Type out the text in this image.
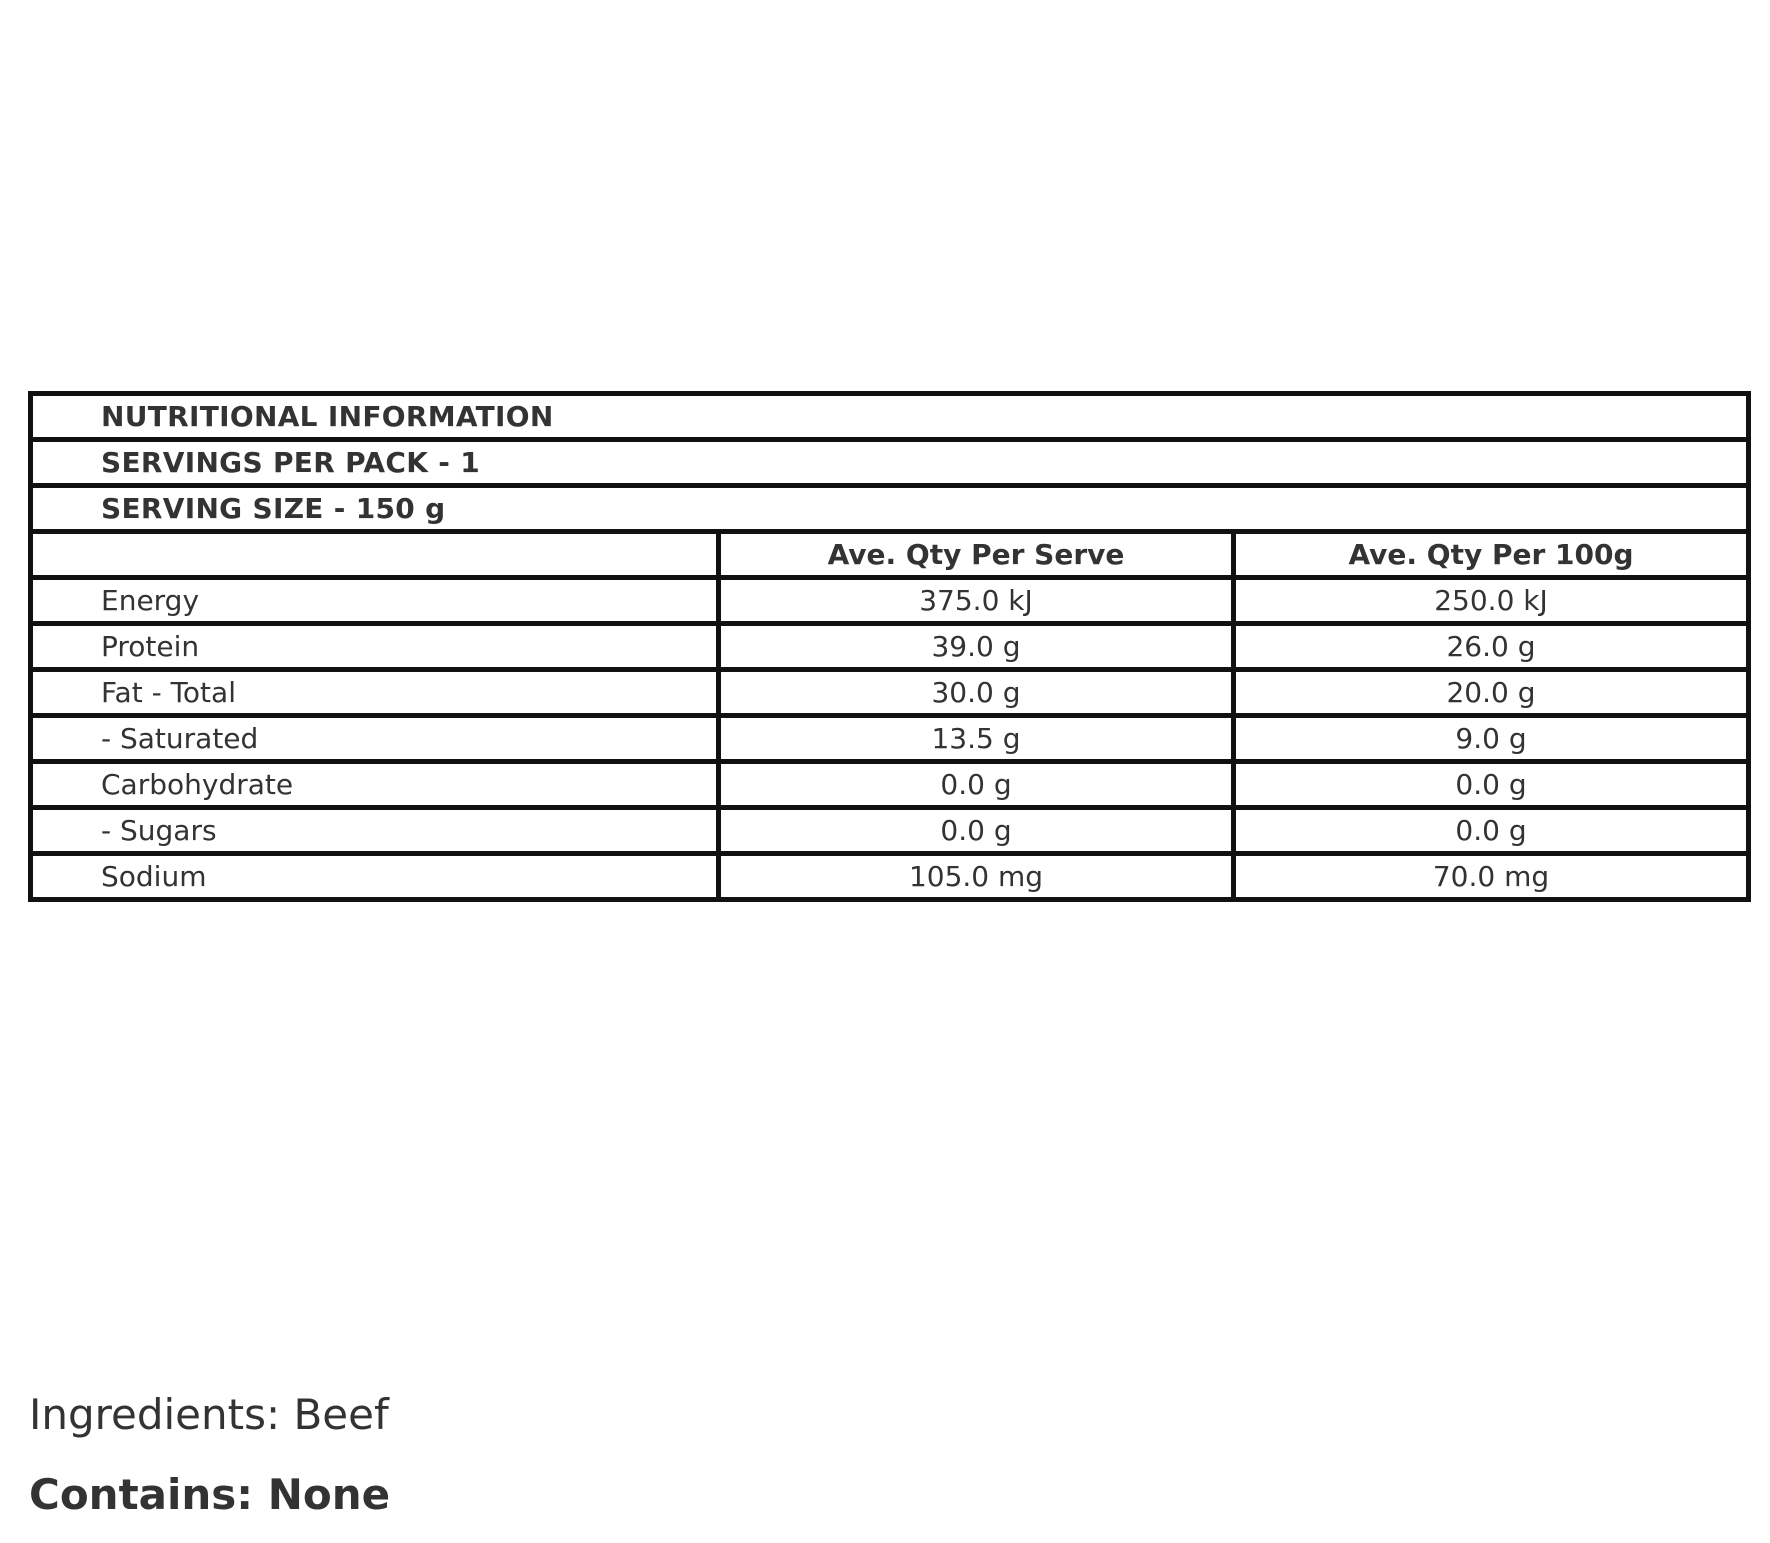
NUTRITIONAL INFORMATION		
SERVINGS PER PACK - 1		
SERVING SIZE - 150 g		
	Ave. Qty Per Serve	Ave. Qty Per 100g
Energy	375.0 kJ	250.0 kJ
Protein	39.0 g	26.0 g
Fat - Total	30.0 g	20.0 g
- Saturated	13.5 g	9.0 g
Carbohydrate	0.0 g	0.0 g
- Sugars	0.0 g	0.0 g
Sodium	105.0 mg	70.0 mg

Ingredients: Beef

Contains: None
